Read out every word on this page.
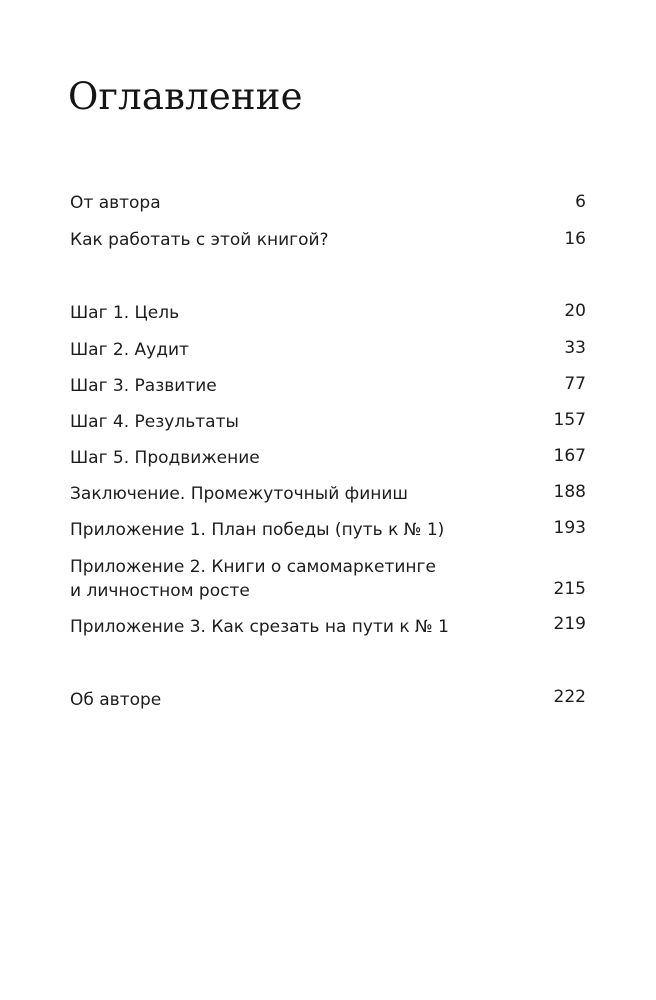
Оглавление
От автора	6
Как работать с этой книгой?	16
Шаг 1. Цель	20
Шаг 2. Аудит	33
Шаг 3. Развитие	77
Шаг 4. Результаты	157
Шаг 5. Продвижение	167
Заключение. Промежуточный финиш	188
Приложение 1. План победы (путь к № 1)	193
Приложение 2. Книги о самомаркетинге
и личностном росте	215
Приложение 3. Как срезать на пути к № 1	219
Об авторе	222
